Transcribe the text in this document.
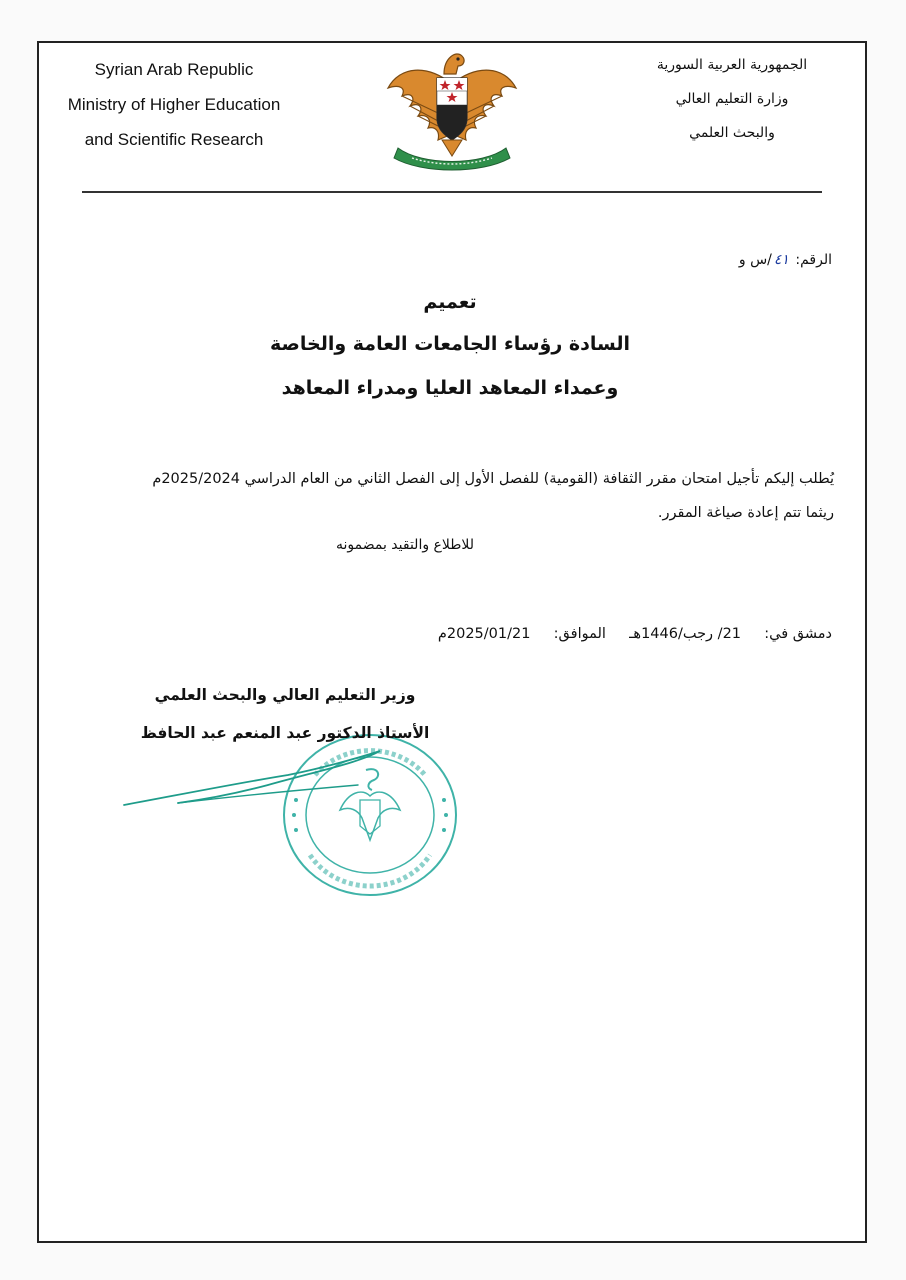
Syrian Arab Republic
Ministry of Higher Education
and Scientific Research
الجمهورية العربية السورية
وزارة التعليم العالي
والبحث العلمي
الرقم: ٤١/س و
تعميم
السادة رؤساء الجامعات العامة والخاصة
وعمداء المعاهد العليا ومدراء المعاهد
يُطلب إليكم تأجيل امتحان مقرر الثقافة (القومية) للفصل الأول إلى الفصل الثاني من العام الدراسي 2025/2024م
ريثما تتم إعادة صياغة المقرر.
للاطلاع والتقيد بمضمونه
دمشق في:  21/ رجب/1446هـ  الموافق:  2025/01/21م
وزير التعليم العالي والبحث العلمي
الأستاذ الدكتور عبد المنعم عبد الحافظ
